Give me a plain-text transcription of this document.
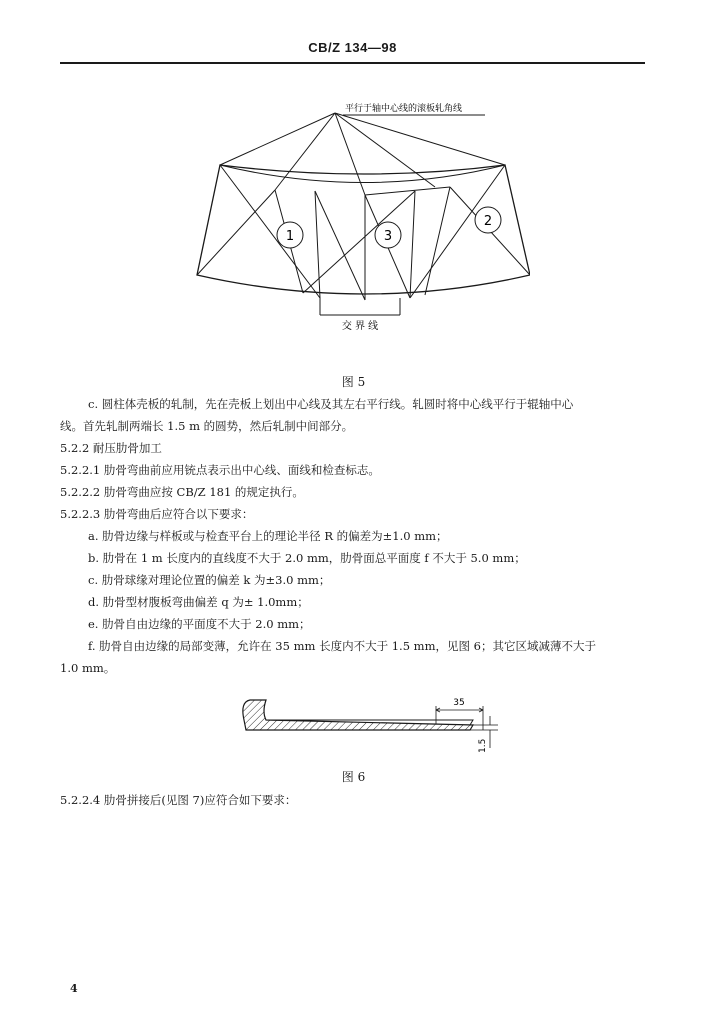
CB/Z 134—98
1	3
2
平行于轴中心线的滚板轧角线
交 界 线
图 5
c. 圆柱体壳板的轧制，先在壳板上划出中心线及其左右平行线。轧圆时将中心线平行于辊轴中心
线。首先轧制两端长 1.5 m 的圆势，然后轧制中间部分。
5.2.2 耐压肋骨加工
5.2.2.1 肋骨弯曲前应用铳点表示出中心线、面线和检查标志。
5.2.2.2 肋骨弯曲应按 CB/Z 181 的规定执行。
5.2.2.3 肋骨弯曲后应符合以下要求：
a. 肋骨边缘与样板或与检查平台上的理论半径 R 的偏差为±1.0 mm；
b. 肋骨在 1 m 长度内的直线度不大于 2.0 mm，肋骨面总平面度 f 不大于 5.0 mm；
c. 肋骨球缘对理论位置的偏差 k 为±3.0 mm；
d. 肋骨型材腹板弯曲偏差 q 为± 1.0mm；
e. 肋骨自由边缘的平面度不大于 2.0 mm；
f. 肋骨自由边缘的局部变薄，允许在 35 mm 长度内不大于 1.5 mm，见图 6；其它区域减薄不大于
1.0 mm。
35
1.5
图 6
5.2.2.4 肋骨拼接后(见图 7)应符合如下要求：
4
